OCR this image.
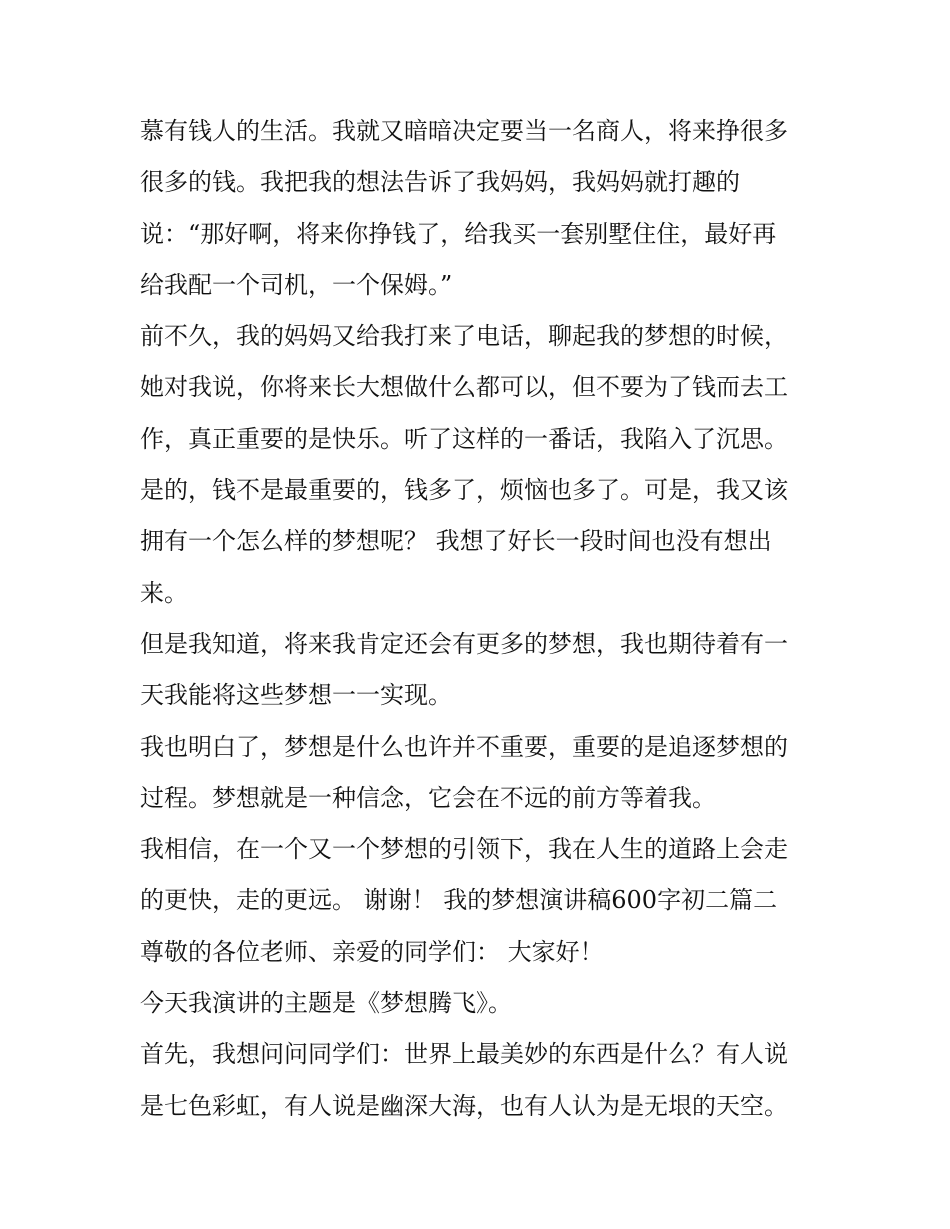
慕有钱人的生活。我就又暗暗决定要当一名商人，将来挣很多
很多的钱。我把我的想法告诉了我妈妈，我妈妈就打趣的
说：“那好啊，将来你挣钱了，给我买一套别墅住住，最好再
给我配一个司机，一个保姆。”
前不久，我的妈妈又给我打来了电话，聊起我的梦想的时候，
她对我说，你将来长大想做什么都可以，但不要为了钱而去工
作，真正重要的是快乐。听了这样的一番话，我陷入了沉思。
是的，钱不是最重要的，钱多了，烦恼也多了。可是，我又该
拥有一个怎么样的梦想呢？ 我想了好长一段时间也没有想出
来。
但是我知道，将来我肯定还会有更多的梦想，我也期待着有一
天我能将这些梦想一一实现。
我也明白了，梦想是什么也许并不重要，重要的是追逐梦想的
过程。梦想就是一种信念，它会在不远的前方等着我。
我相信，在一个又一个梦想的引领下，我在人生的道路上会走
的更快，走的更远。 谢谢！ 我的梦想演讲稿600字初二篇二
尊敬的各位老师、亲爱的同学们： 大家好！
今天我演讲的主题是《梦想腾飞》。
首先，我想问问同学们：世界上最美妙的东西是什么？有人说
是七色彩虹，有人说是幽深大海，也有人认为是无垠的天空。
